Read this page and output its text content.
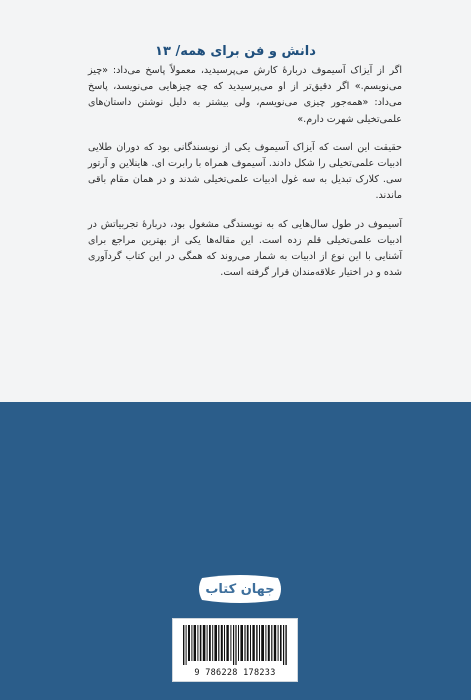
دانش و فن برای همه/ ۱۳

اگر از آیزاک آسیموف دربارهٔ کارش می‌پرسیدید، معمولاً پاسخ می‌داد: «چیز می‌نویسم.» اگر دقیق‌تر از او می‌پرسیدید که چه چیزهایی می‌نویسد، پاسخ می‌داد: «همه‌جور چیزی می‌نویسم، ولی بیشتر به دلیل نوشتن داستان‌های علمی‌تخیلی شهرت دارم.»

حقیقت این است که آیزاک آسیموف یکی از نویسندگانی بود که دوران طلایی ادبیات علمی‌تخیلی را شکل دادند. آسیموف همراه با رابرت ای. هاینلاین و آرتور سی. کلارک تبدیل به سه غول ادبیات علمی‌تخیلی شدند و در همان مقام باقی ماندند.

آسیموف در طول سال‌هایی که به نویسندگی مشغول بود، دربارهٔ تجربیاتش در ادبیات علمی‌تخیلی قلم زده است. این مقاله‌ها یکی از بهترین مراجع برای آشنایی با این نوع از ادبیات به شمار می‌روند که همگی در این کتاب گردآوری شده و در اختیار علاقه‌مندان قرار گرفته است.

جهان کتاب
9 786228 178233
